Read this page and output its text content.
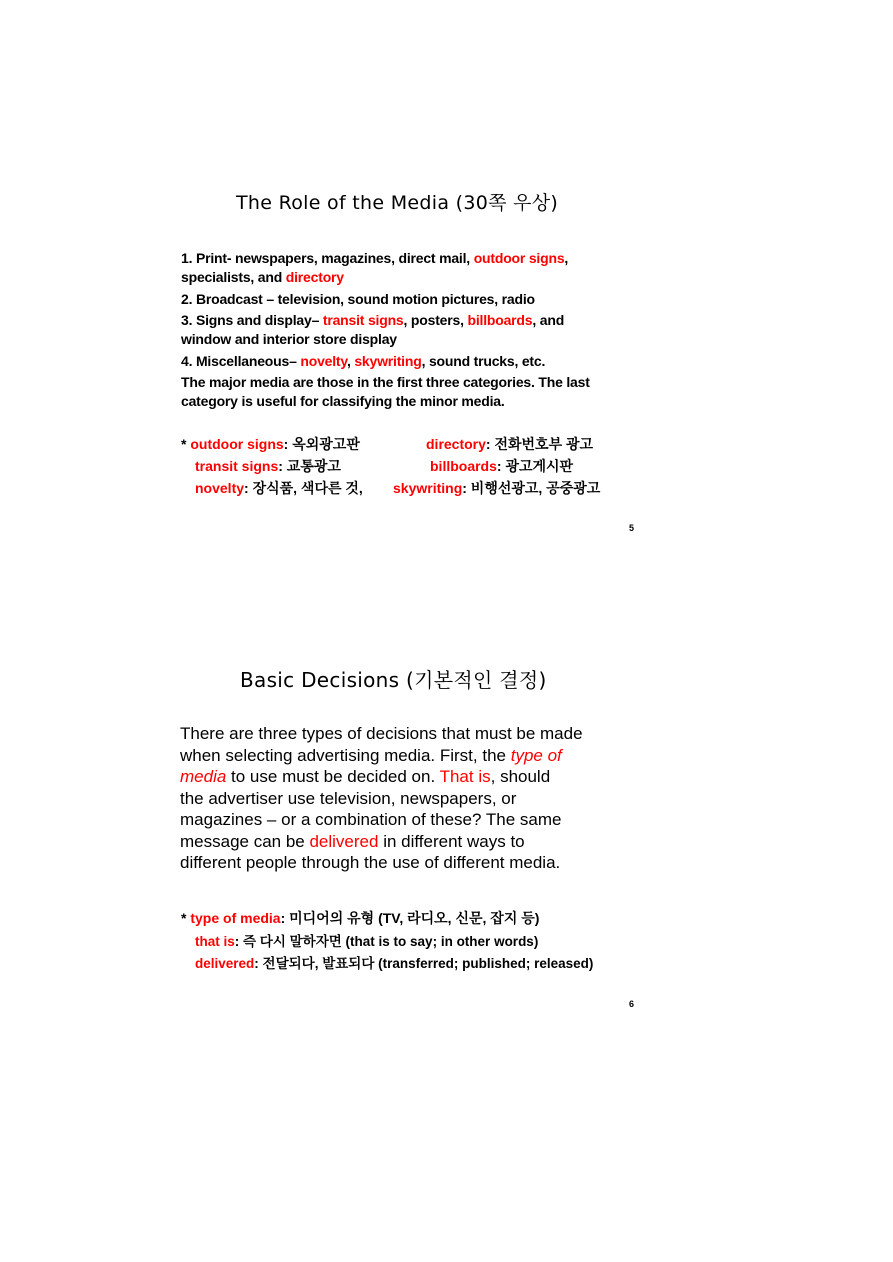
The Role of the Media (30쪽 우상)
1. Print- newspapers, magazines, direct mail, outdoor signs,
specialists, and directory
2. Broadcast – television, sound motion pictures, radio
3. Signs and display– transit signs, posters, billboards, and
window and interior store display
4. Miscellaneous– novelty, skywriting, sound trucks, etc.
The major media are those in the first three categories. The last
category is useful for classifying the minor media.
* outdoor signs: 옥외광고판	directory: 전화번호부 광고
transit signs: 교통광고	billboards: 광고게시판
novelty: 장식품, 색다른 것, skywriting: 비행선광고, 공중광고
5
Basic Decisions (기본적인 결정)
There are three types of decisions that must be made
when selecting advertising media. First, the type of
media to use must be decided on. That is, should
the advertiser use television, newspapers, or
magazines – or a combination of these? The same
message can be delivered in different ways to
different people through the use of different media.
* type of media: 미디어의 유형 (TV, 라디오, 신문, 잡지 등)
that is: 즉 다시 말하자면 (that is to say; in other words)
delivered: 전달되다, 발표되다 (transferred; published; released)
6
